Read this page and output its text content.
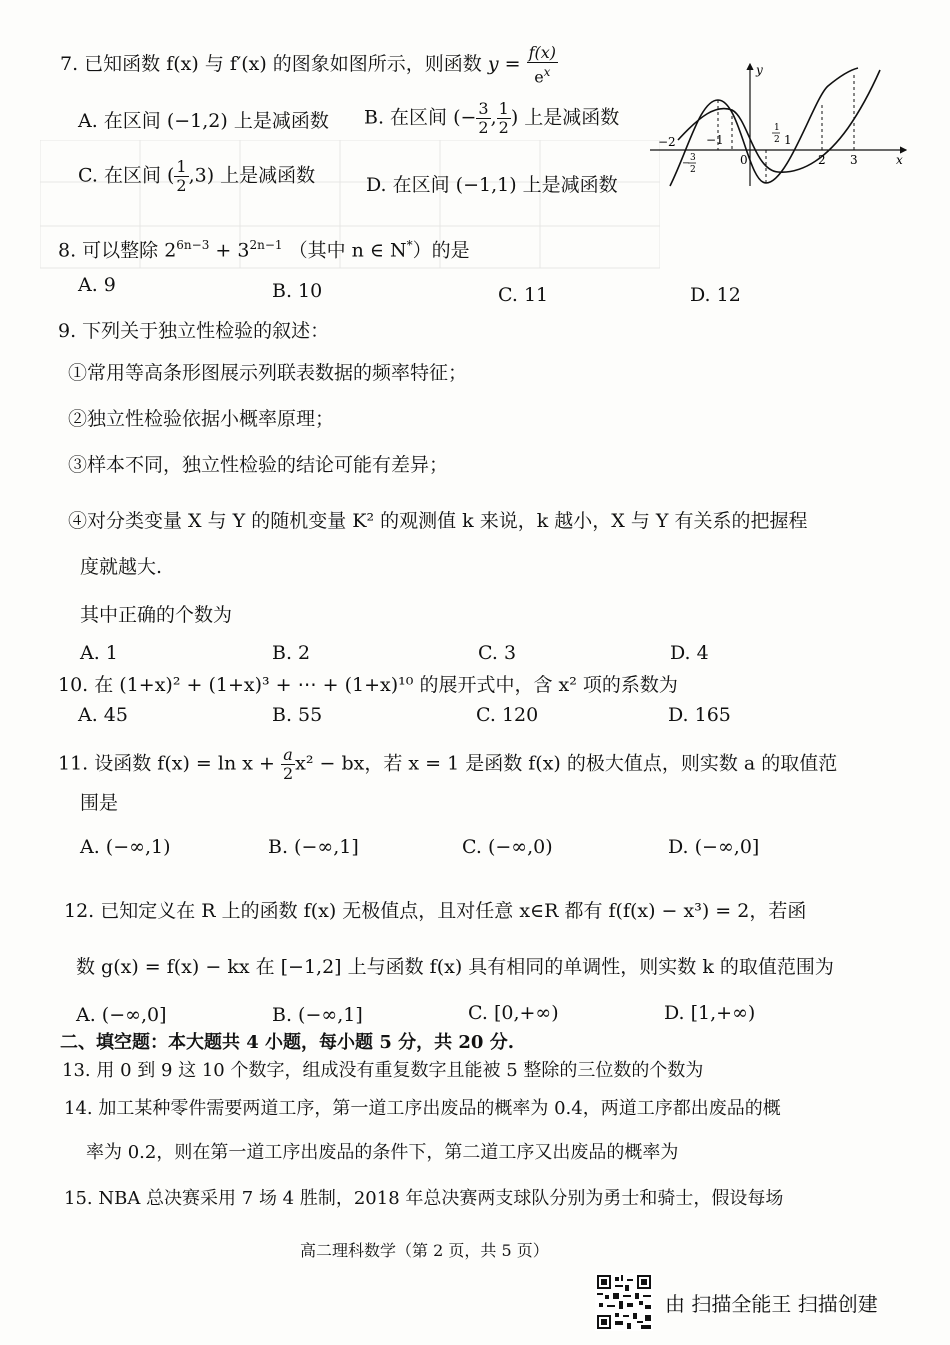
7. 已知函数 f(x) 与 f′(x) 的图象如图所示，则函数 $y = \frac{f(x)}{e^x}$	y
x
0
−2	−1
3
2
−
1
2 1
2 3
A. 在区间 (−1,2) 上是减函数 B. 在区间 (− $\frac{3}{2}$ , $\frac{1}{2}$ ) 上是减函数
C. 在区间 ( $\frac{1}{2} ,3$) 上是减函数	D. 在区间 (−1,1) 上是减函数
8. 可以整除 $2^{6n-3} + 3^{2n-1}$ （其中 n ∈ N*）的是
A. 9	B. 10	C. 11	D. 12
9. 下列关于独立性检验的叙述：
①常用等高条形图展示列联表数据的频率特征；
②独立性检验依据小概率原理；
③样本不同，独立性检验的结论可能有差异；
④对分类变量 X 与 Y 的随机变量 K² 的观测值 k 来说，k 越小，X 与 Y 有关系的把握程
度就越大.
其中正确的个数为
A. 1	B. 2	C. 3	D. 4
10. 在 (1+x)² + (1+x)³ + ⋯ + (1+x)¹⁰ 的展开式中，含 x² 项的系数为
A. 45	B. 55	C. 120	D. 165
11. 设函数 $f(x) = \ln x + \frac{a}{2} x^2$ − bx，若 x = 1 是函数 f(x) 的极大值点，则实数 a 的取值范
围是
A. (−∞,1)	B. (−∞,1]	C. (−∞,0)	D. (−∞,0]
12. 已知定义在 R 上的函数 f(x) 无极值点，且对任意 x∈R 都有 f(f(x) − x³) = 2，若函
数 g(x) = f(x) − kx 在 [−1,2] 上与函数 f(x) 具有相同的单调性，则实数 k 的取值范围为
A. (−∞,0]	B. (−∞,1]	C. [0,+∞)	D. [1,+∞)
二、填空题：本大题共 4 小题，每小题 5 分，共 20 分.
13. 用 0 到 9 这 10 个数字，组成没有重复数字且能被 5 整除的三位数的个数为
14. 加工某种零件需要两道工序，第一道工序出废品的概率为 0.4，两道工序都出废品的概
率为 0.2，则在第一道工序出废品的条件下，第二道工序又出废品的概率为
15. NBA 总决赛采用 7 场 4 胜制，2018 年总决赛两支球队分别为勇士和骑士，假设每场
高二理科数学（第 2 页，共 5 页）
由 扫描全能王 扫描创建
